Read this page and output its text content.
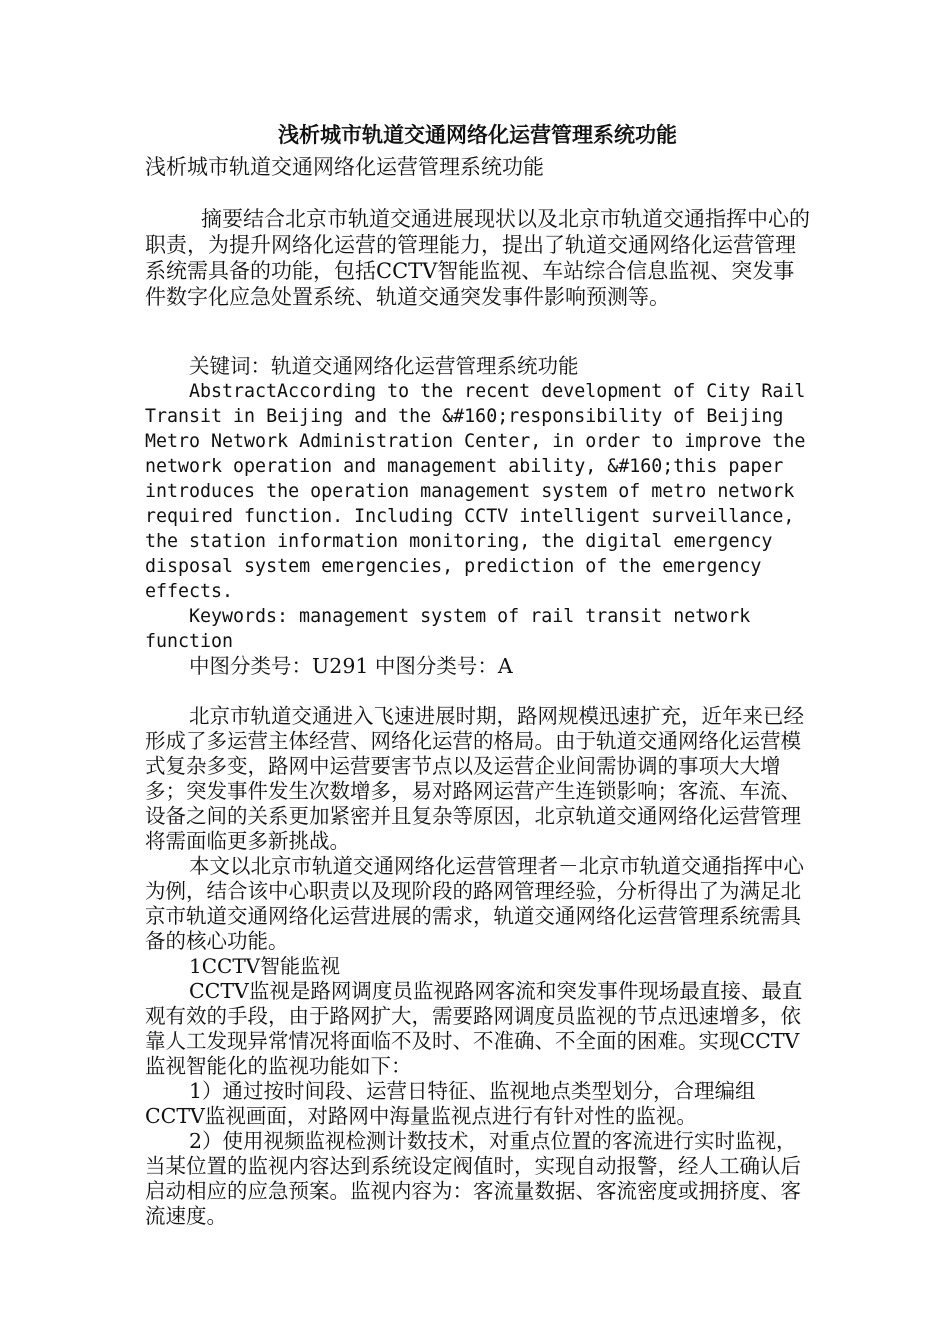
浅析城市轨道交通网络化运营管理系统功能
浅析城市轨道交通网络化运营管理系统功能
摘要结合北京市轨道交通进展现状以及北京市轨道交通指挥中心的职责，为提升网络化运营的管理能力，提出了轨道交通网络化运营管理系统需具备的功能，包括CCTV智能监视、车站综合信息监视、突发事件数字化应急处置系统、轨道交通突发事件影响预测等。
关键词：轨道交通网络化运营管理系统功能
AbstractAccording to the recent development of City Rail Transit in Beijing and the &#160;responsibility of Beijing Metro Network Administration Center, in order to improve the network operation and management ability, &#160;this paper introduces the operation management system of metro network required function. Including CCTV intelligent surveillance, the station information monitoring, the digital emergency disposal system emergencies, prediction of the emergency effects.
Keywords: management system of rail transit network function
中图分类号：U291 中图分类号：A
北京市轨道交通进入飞速进展时期，路网规模迅速扩充，近年来已经形成了多运营主体经营、网络化运营的格局。由于轨道交通网络化运营模式复杂多变，路网中运营要害节点以及运营企业间需协调的事项大大增多；突发事件发生次数增多，易对路网运营产生连锁影响；客流、车流、设备之间的关系更加紧密并且复杂等原因，北京轨道交通网络化运营管理将需面临更多新挑战。
本文以北京市轨道交通网络化运营管理者－北京市轨道交通指挥中心为例，结合该中心职责以及现阶段的路网管理经验，分析得出了为满足北京市轨道交通网络化运营进展的需求，轨道交通网络化运营管理系统需具备的核心功能。
1CCTV智能监视
CCTV监视是路网调度员监视路网客流和突发事件现场最直接、最直观有效的手段，由于路网扩大，需要路网调度员监视的节点迅速增多，依靠人工发现异常情况将面临不及时、不准确、不全面的困难。实现CCTV监视智能化的监视功能如下：
1）通过按时间段、运营日特征、监视地点类型划分，合理编组CCTV监视画面，对路网中海量监视点进行有针对性的监视。
2）使用视频监视检测计数技术，对重点位置的客流进行实时监视，当某位置的监视内容达到系统设定阀值时，实现自动报警，经人工确认后启动相应的应急预案。监视内容为：客流量数据、客流密度或拥挤度、客流速度。
